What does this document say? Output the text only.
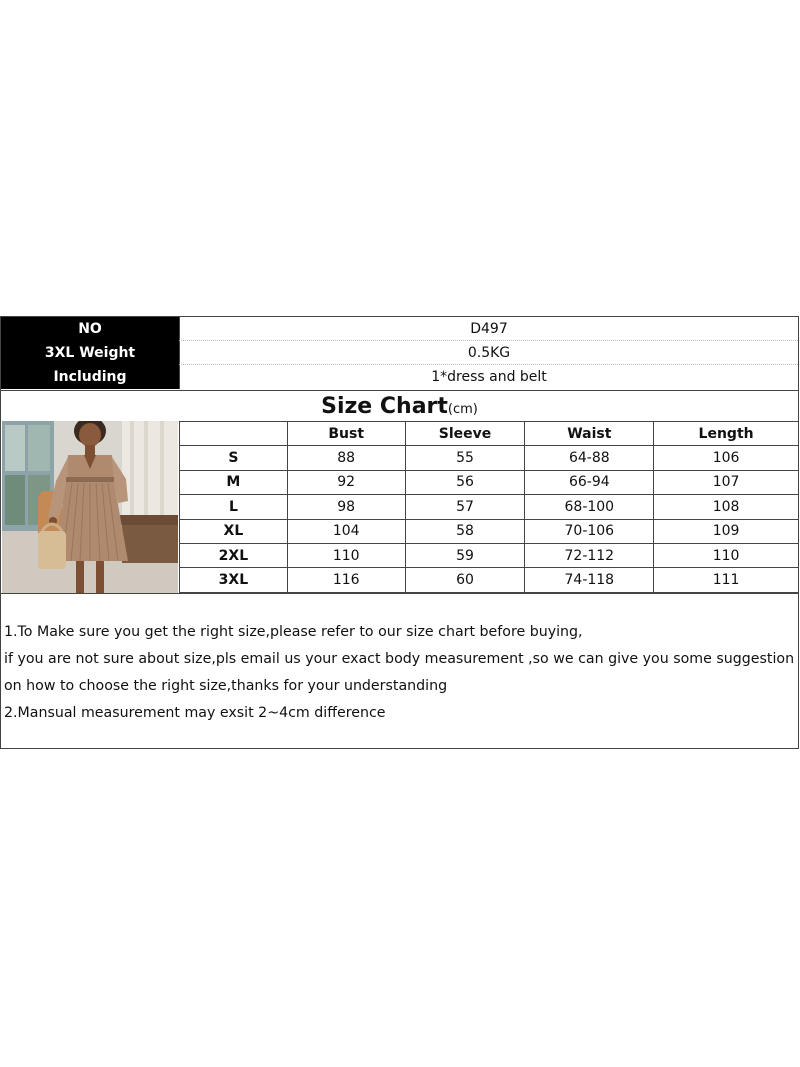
NO	D497
3XL Weight	0.5KG
Including	1*dress and belt
Size Chart (cm)
	Bust	Sleeve	Waist	Length
S	88	55	64-88	106
M	92	56	66-94	107
L	98	57	68-100	108
XL	104	58	70-106	109
2XL	110	59	72-112	110
3XL	116	60	74-118	111

1.To Make sure you get the right size,please refer to our size chart before buying,

if you are not sure about size,pls email us your exact body measurement ,so we can give you some suggestion

on how to choose the right size,thanks for your understanding

2.Mansual measurement may exsit 2~4cm difference
